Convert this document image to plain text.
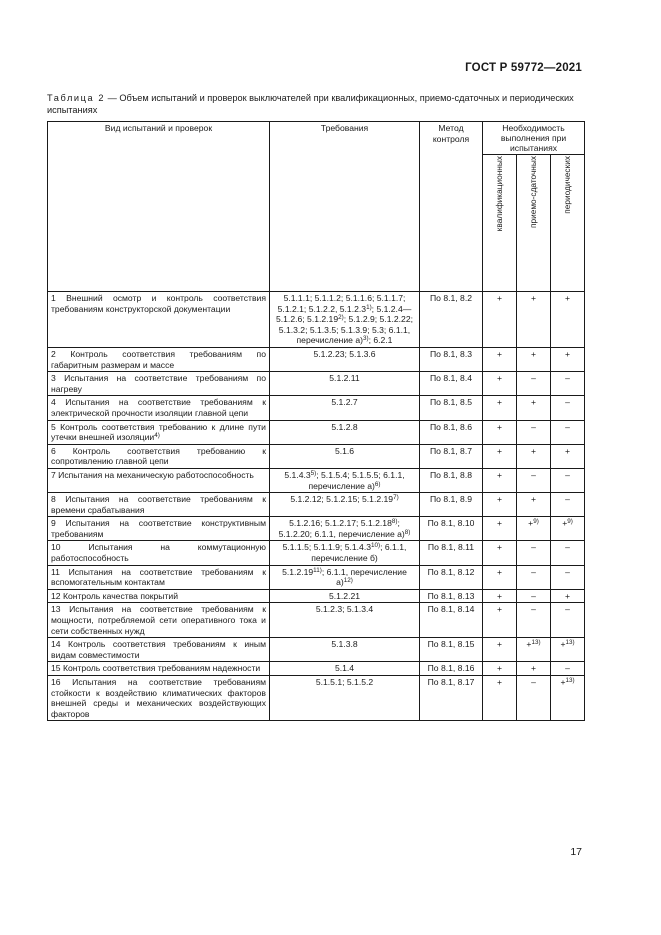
ГОСТ Р 59772—2021
Таблица 2 — Объем испытаний и проверок выключателей при квалификационных, приемо-сдаточных и периодических испытаниях
Вид испытаний и проверок	Требования	Метод контроля	Необходимость выполнения при испытаниях		

			квалификационных	приемо-сдаточных	периодических

1 Внешний осмотр и контроль соответствия требованиям конструкторской документации	5.1.1.1; 5.1.1.2; 5.1.1.6; 5.1.1.7; 5.1.2.1; 5.1.2.2, 5.1.2.3$^{1)}$; 5.1.2.4—5.1.2.6; 5.1.2.19$^{2)}$; 5.1.2.9; 5.1.2.22; 5.1.3.2; 5.1.3.5; 5.1.3.9; 5.3; 6.1.1, перечисление а)$^{3)}$; 6.2.1	По 8.1, 8.2	+	+	+
2 Контроль соответствия требованиям по габаритным размерам и массе	5.1.2.23; 5.1.3.6	По 8.1, 8.3	+	+	+
3 Испытания на соответствие требованиям по нагреву	5.1.2.11	По 8.1, 8.4	+	–	–
4 Испытания на соответствие требованиям к электрической прочности изоляции главной цепи	5.1.2.7	По 8.1, 8.5	+	+	–
5 Контроль соответствия требованию к длине пути утечки внешней изоляции$^{4)}$	5.1.2.8	По 8.1, 8.6	+	–	–
6 Контроль соответствия требованию к сопротивлению главной цепи	5.1.6	По 8.1, 8.7	+	+	+
7 Испытания на механическую работоспособность	5.1.4.3$^{5)}$; 5.1.5.4; 5.1.5.5; 6.1.1, перечисление а)$^{6)}$	По 8.1, 8.8	+	–	–
8 Испытания на соответствие требованиям к времени срабатывания	5.1.2.12; 5.1.2.15; 5.1.2.19$^{7)}$	По 8.1, 8.9	+	+	–
9 Испытания на соответствие конструктивным требованиям	5.1.2.16; 5.1.2.17; 5.1.2.18$^{8)}$; 5.1.2.20; 6.1.1, перечисление а)$^{8)}$	По 8.1, 8.10	+	+$^{9)}$	+$^{9)}$
10 Испытания на коммутационную работоспособность	5.1.1.5; 5.1.1.9; 5.1.4.3$^{10)}$; 6.1.1, перечисление б)	По 8.1, 8.11	+	–	–
11 Испытания на соответствие требованиям к вспомогательным контактам	5.1.2.19$^{11)}$; 6.1.1, перечисление а)$^{12)}$	По 8.1, 8.12	+	–	–
12 Контроль качества покрытий	5.1.2.21	По 8.1, 8.13	+	–	+
13 Испытания на соответствие требованиям к мощности, потребляемой сети оперативного тока и сети собственных нужд	5.1.2.3; 5.1.3.4	По 8.1, 8.14	+	–	–
14 Контроль соответствия требованиям к иным видам совместимости	5.1.3.8	По 8.1, 8.15	+	+$^{13)}$	+$^{13)}$
15 Контроль соответствия требованиям надежности	5.1.4	По 8.1, 8.16	+	+	–
16 Испытания на соответствие требованиям стойкости к воздействию климатических факторов внешней среды и механических воздействующих факторов	5.1.5.1; 5.1.5.2	По 8.1, 8.17	+	–	+$^{13)}$
17
